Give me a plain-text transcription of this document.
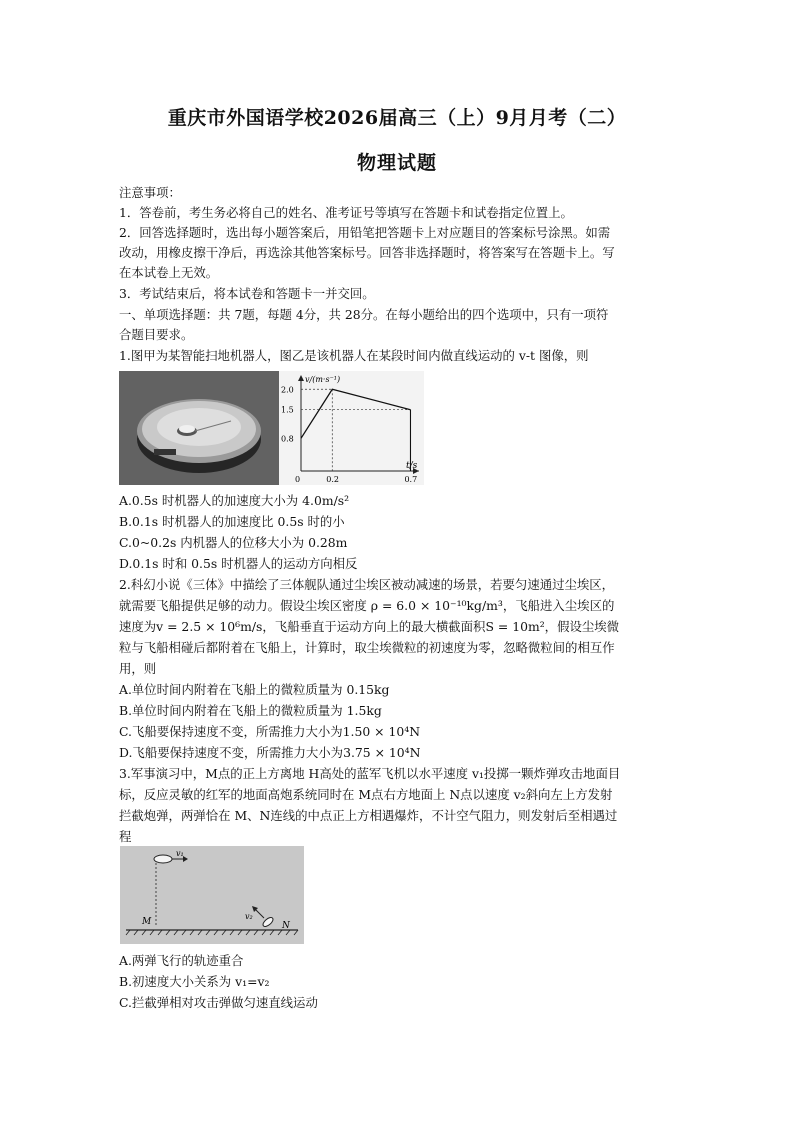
重庆市外国语学校2026届高三（上）9月月考（二）
物理试题
注意事项：
1．答卷前，考生务必将自己的姓名、准考证号等填写在答题卡和试卷指定位置上。
2．回答选择题时，选出每小题答案后，用铅笔把答题卡上对应题目的答案标号涂黑。如需
改动，用橡皮擦干净后，再选涂其他答案标号。回答非选择题时，将答案写在答题卡上。写
在本试卷上无效。
3．考试结束后，将本试卷和答题卡一并交回。
一、单项选择题：共 7题，每题 4分，共 28分。在每小题给出的四个选项中，只有一项符
合题目要求。
1.图甲为某智能扫地机器人，图乙是该机器人在某段时间内做直线运动的 v-t 图像，则
v/(m·s⁻¹)
t/s
2.0
1.5
0.8
0	0.2	0.7
A.0.5s 时机器人的加速度大小为 4.0m/s²
B.0.1s 时机器人的加速度比 0.5s 时的小
C.0~0.2s 内机器人的位移大小为 0.28m
D.0.1s 时和 0.5s 时机器人的运动方向相反
2.科幻小说《三体》中描绘了三体舰队通过尘埃区被动减速的场景，若要匀速通过尘埃区，
就需要飞船提供足够的动力。假设尘埃区密度 ρ = 6.0 × 10⁻¹⁰kg/m³，飞船进入尘埃区的
速度为v = 2.5 × 10⁶m/s，飞船垂直于运动方向上的最大横截面积S = 10m²，假设尘埃微
粒与飞船相碰后都附着在飞船上，计算时，取尘埃微粒的初速度为零，忽略微粒间的相互作
用，则
A.单位时间内附着在飞船上的微粒质量为 0.15kg
B.单位时间内附着在飞船上的微粒质量为 1.5kg
C.飞船要保持速度不变，所需推力大小为1.50 × 10⁴N
D.飞船要保持速度不变，所需推力大小为3.75 × 10⁴N
3.军事演习中，M点的正上方离地 H高处的蓝军飞机以水平速度 v₁投掷一颗炸弹攻击地面目
标，反应灵敏的红军的地面高炮系统同时在 M点右方地面上 N点以速度 v₂斜向左上方发射
拦截炮弹，两弹恰在 M、N连线的中点正上方相遇爆炸，不计空气阻力，则发射后至相遇过
程
v₁
M
v₂
N
A.两弹飞行的轨迹重合
B.初速度大小关系为 v₁=v₂
C.拦截弹相对攻击弹做匀速直线运动
